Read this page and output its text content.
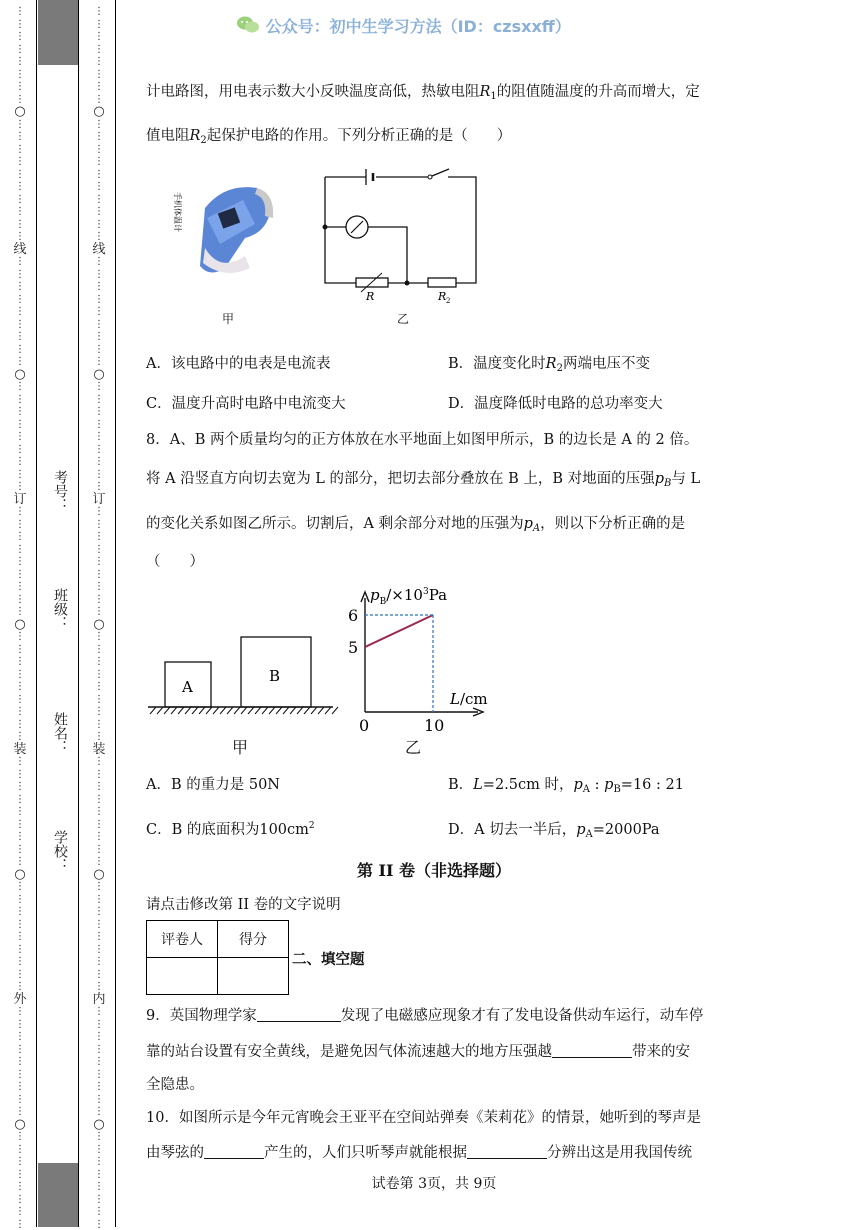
⋮
⋮
⋮
⋮
⋮
⋮
⋮
⋮
○
⋮
⋮
⋮
⋮
⋮
⋮
⋮
⋮
⋮
⋮
线
⋮
⋮
⋮
⋮
⋮
⋮
⋮
⋮
⋮
○
⋮
⋮
⋮
⋮
⋮
⋮
⋮
⋮
⋮
订
⋮
⋮
⋮
⋮
⋮
⋮
⋮
⋮
⋮
○
⋮
⋮
⋮
⋮
⋮
⋮
⋮
⋮
⋮
装
⋮
⋮
⋮
⋮
⋮
⋮
⋮
⋮
⋮
○
⋮
⋮
⋮
⋮
⋮
⋮
⋮
⋮
⋮
外
⋮
⋮
⋮
⋮
⋮
⋮
⋮
⋮
⋮
○
⋮
⋮
⋮
⋮
⋮
⋮
⋮
⋮
考号：
班级：
姓名：
学校：
⋮
⋮
⋮
⋮
⋮
⋮
⋮
⋮
○
⋮
⋮
⋮
⋮
⋮
⋮
⋮
⋮
⋮
⋮
线
⋮
⋮
⋮
⋮
⋮
⋮
⋮
⋮
⋮
○
⋮
⋮
⋮
⋮
⋮
⋮
⋮
⋮
⋮
订
⋮
⋮
⋮
⋮
⋮
⋮
⋮
⋮
⋮
○
⋮
⋮
⋮
⋮
⋮
⋮
⋮
⋮
⋮
装
⋮
⋮
⋮
⋮
⋮
⋮
⋮
⋮
⋮
○
⋮
⋮
⋮
⋮
⋮
⋮
⋮
⋮
⋮
内
⋮
⋮
⋮
⋮
⋮
⋮
⋮
⋮
⋮
○
⋮
⋮
⋮
⋮
⋮
⋮
⋮
⋮
公众号：初中生学习方法（ID：czsxxff）
计电路图，用电表示数大小反映温度高低，热敏电阻$R_1$的阻值随温度的升高而增大，定
值电阻$R_2$起保护电路的作用。下列分析正确的是（　　）
手机体温计
甲
R	R 2
乙
A．该电路中的电表是电流表	B．温度变化时$R_2$两端电压不变
C．温度升高时电路中电流变大	D．温度降低时电路的总功率变大
8．A、B 两个质量均匀的正方体放在水平地面上如图甲所示，B 的边长是 A 的 2 倍。
将 A 沿竖直方向切去宽为 L 的部分，把切去部分叠放在 B 上，B 对地面的压强$p_B$与 L
的变化关系如图乙所示。切割后，A 剩余部分对地的压强为$p_A$，则以下分析正确的是
（　　）
A
B
甲
6
5
0	10
$p_B/\times 10^3Pa$
L/cm
乙
A．B 的重力是 50N	B．L=2.5cm 时，$p_A$ : $p_B=16$ : 21
C．B 的底面积为$100cm^2$	D．A 切去一半后，$p_A=2000Pa$
第 II 卷（非选择题）
请点击修改第 II 卷的文字说明
评卷人	得分

二、填空题
9．英国物理学家	发现了电磁感应现象才有了发电设备供动车运行，动车停
靠的站台设置有安全黄线，是避免因气体流速越大的地方压强越	带来的安
全隐患。
10．如图所示是今年元宵晚会王亚平在空间站弹奏《茉莉花》的情景，她听到的琴声是
由琴弦的	产生的，人们只听琴声就能根据	分辨出这是用我国传统
试卷第 3页，共 9页
